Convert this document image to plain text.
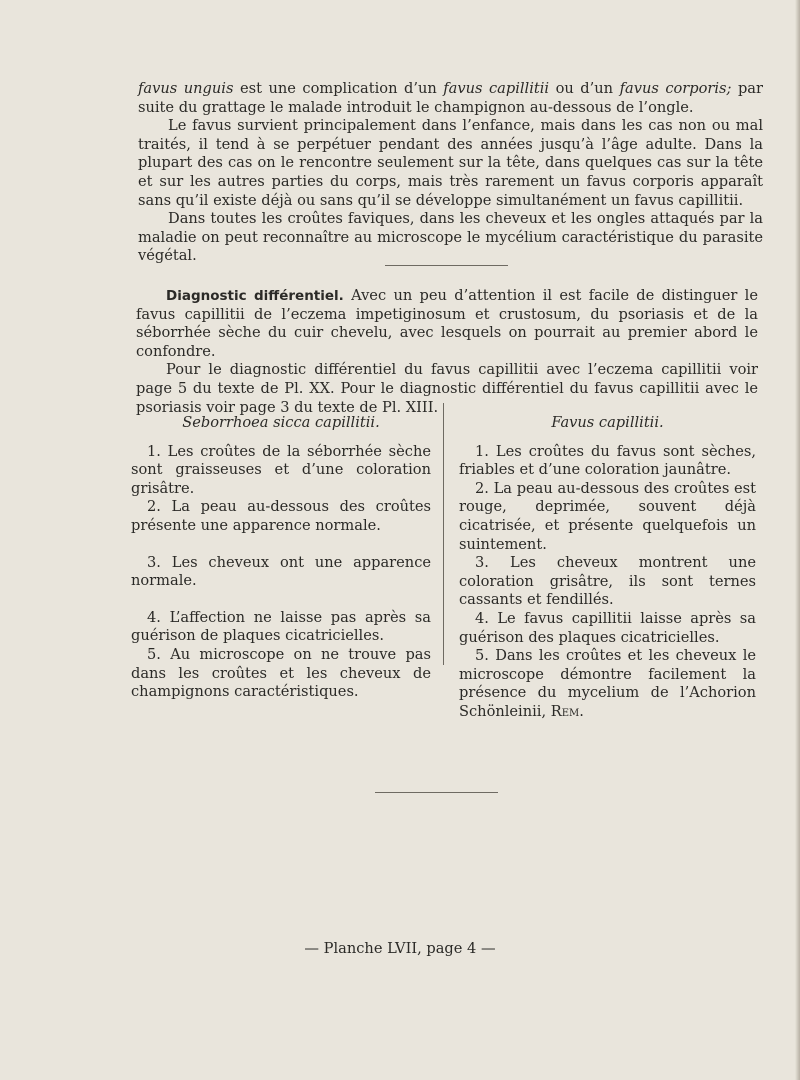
favus unguis est une complication d’un favus capillitii ou d’un favus corporis; par suite du grattage le malade introduit le champignon au-dessous de l’ongle.

Le favus survient principalement dans l’enfance, mais dans les cas non ou mal traités, il tend à se perpétuer pendant des années jusqu’à l’âge adulte. Dans la plupart des cas on le rencontre seulement sur la tête, dans quelques cas sur la tête et sur les autres parties du corps, mais très rarement un favus corporis apparaît sans qu’il existe déjà ou sans qu’il se développe simultanément un favus capillitii.

Dans toutes les croûtes faviques, dans les cheveux et les ongles attaqués par la maladie on peut reconnaître au microscope le mycélium caractéristique du parasite végétal.

Diagnostic différentiel. Avec un peu d’attention il est facile de distinguer le favus capillitii de l’eczema impetiginosum et crustosum, du psoriasis et de la séborrhée sèche du cuir chevelu, avec lesquels on pourrait au premier abord le confondre.

Pour le diagnostic différentiel du favus capillitii avec l’eczema capillitii voir page 5 du texte de Pl. XX. Pour le diagnostic différentiel du favus capillitii avec le psoriasis voir page 3 du texte de Pl. XIII.

Seborrhoea sicca capillitii.

1. Les croûtes de la séborrhée sèche sont graisseuses et d’une coloration grisâtre.

2. La peau au-dessous des croûtes présente une apparence normale.

3. Les cheveux ont une apparence normale.

4. L’affection ne laisse pas après sa guérison de plaques cicatricielles.

5. Au microscope on ne trouve pas dans les croûtes et les cheveux de champignons caractéristiques.

Favus capillitii.

1. Les croûtes du favus sont sèches, friables et d’une coloration jaunâtre.

2. La peau au-dessous des croûtes est rouge, deprimée, souvent déjà cicatrisée, et présente quelquefois un suintement.

3. Les cheveux montrent une coloration grisâtre, ils sont ternes cassants et fendillés.

4. Le favus capillitii laisse après sa guérison des plaques cicatricielles.

5. Dans les croûtes et les cheveux le microscope démontre facilement la présence du mycelium de l’Achorion Schönleinii, Rem.

— Planche LVII, page 4 —
